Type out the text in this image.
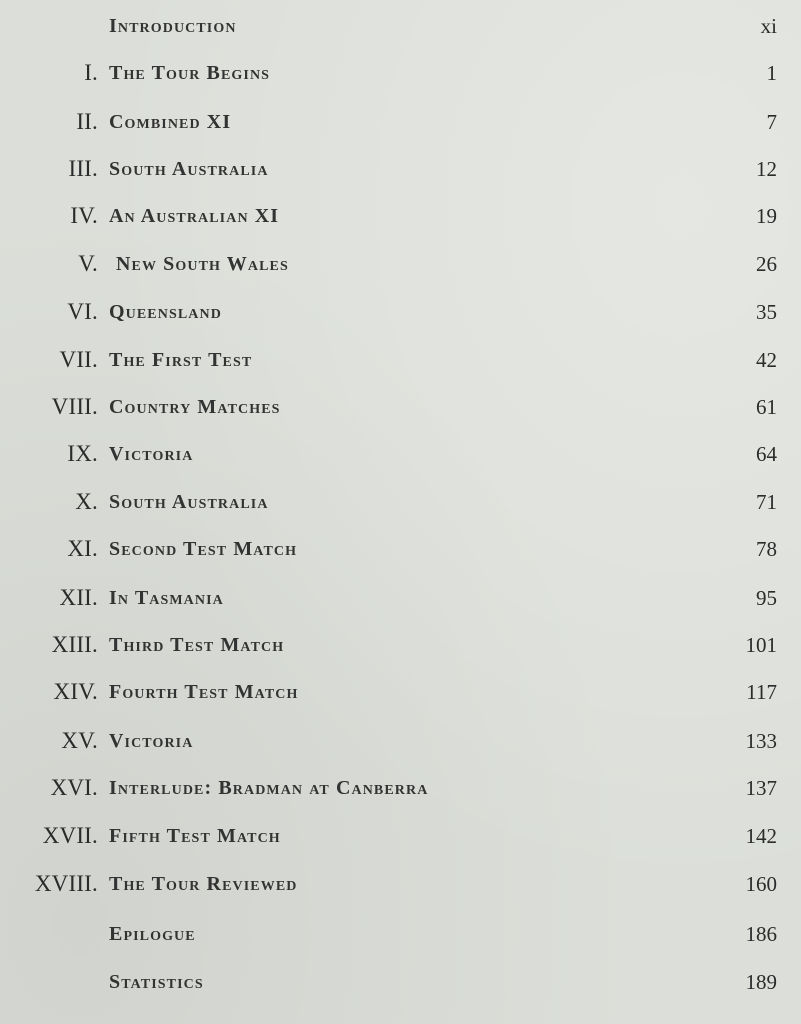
Introduction	xi
I. The Tour Begins	1
II. Combined XI	7
III. South Australia	12
IV. An Australian XI	19
V. New South Wales	26
VI. Queensland	35
VII. The First Test	42
VIII. Country Matches	61
IX. Victoria	64
X. South Australia	71
XI. Second Test Match	78
XII. In Tasmania	95
XIII. Third Test Match	101
XIV. Fourth Test Match	117
XV. Victoria	133
XVI. Interlude: Bradman at Canberra	137
XVII. Fifth Test Match	142
XVIII. The Tour Reviewed	160
Epilogue	186
Statistics	189
